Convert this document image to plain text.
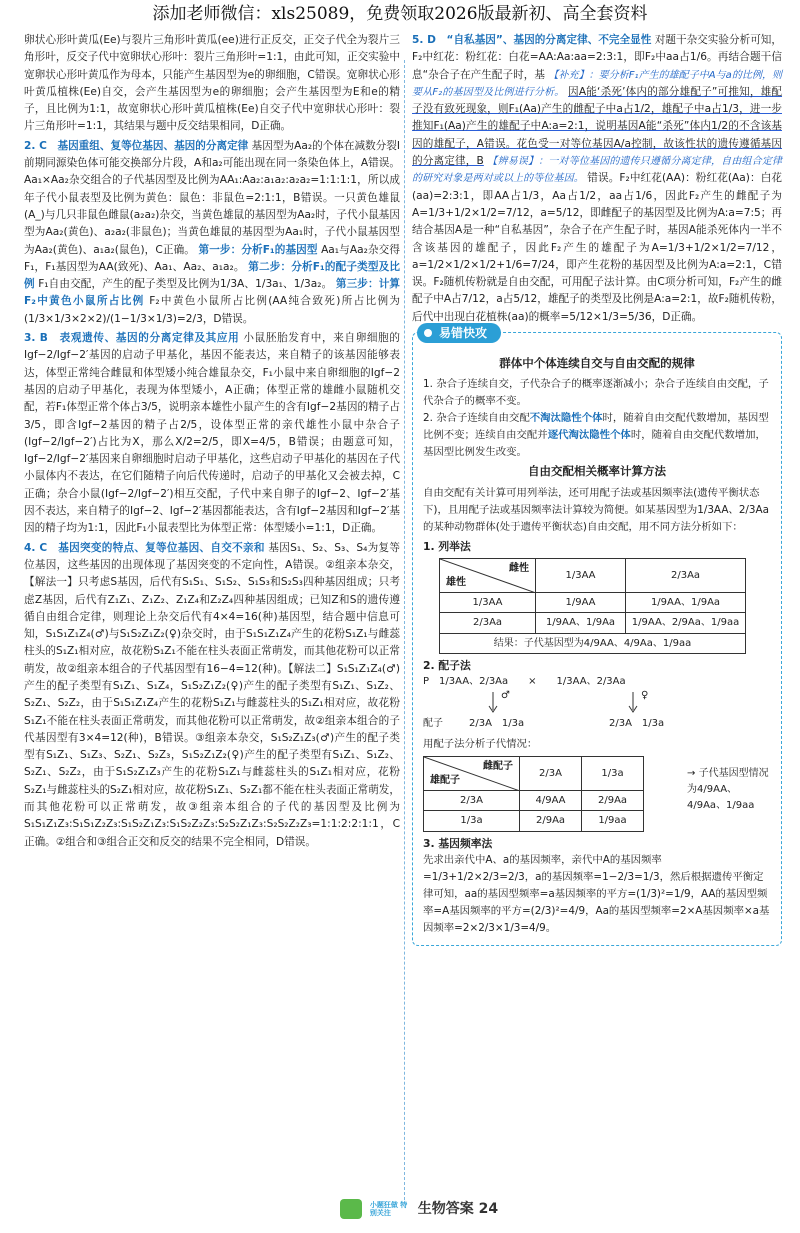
添加老师微信：xls25089，免费领取2026版最新初、高全套资料

卵状心形叶黄瓜(Ee)与裂片三角形叶黄瓜(ee)进行正反交，正交子代全为裂片三角形叶，反交子代中宽卵状心形叶：裂片三角形叶=1:1，由此可知，正交实验中宽卵状心形叶黄瓜作为母本，只能产生基因型为e的卵细胞，C错误。宽卵状心形叶黄瓜植株(Ee)自交，会产生基因型为e的卵细胞；会产生基因型为E和e的精子，且比例为1:1，故宽卵状心形叶黄瓜植株(Ee)自交子代中宽卵状心形叶：裂片三角形叶=1:1，其结果与题中反交结果相同，D正确。

2. C　基因重组、复等位基因、基因的分离定律 基因型为Aa₂的个体在减数分裂Ⅰ前期同源染色体可能交换部分片段，A和a₂可能出现在同一条染色体上，A错误。Aa₁×Aa₂杂交组合的子代基因型及比例为AA₁:Aa₂:a₁a₂:a₂a₂=1:1:1:1，所以成年子代小鼠表型及比例为黄色：鼠色：非鼠色=2:1:1，B错误。一只黄色雄鼠(A_)与几只非鼠色雌鼠(a₂a₂)杂交，当黄色雄鼠的基因型为Aa₂时，子代小鼠基因型为Aa₂(黄色)、a₂a₂(非鼠色)；当黄色雄鼠的基因型为Aa₁时，子代小鼠基因型为Aa₂(黄色)、a₁a₂(鼠色)，C正确。 第一步：分析F₁的基因型 Aa₁与Aa₂杂交得F₁，F₁基因型为AA(致死)、Aa₁、Aa₂、a₁a₂。 第二步：分析F₁的配子类型及比例 F₁自由交配，产生的配子类型及比例为1/3A、1/3a₁、1/3a₂。 第三步：计算F₂中黄色小鼠所占比例 F₂中黄色小鼠所占比例(AA纯合致死)所占比例为(1/3×1/3×2×2)/(1−1/3×1/3)=2/3，D错误。

3. B　表观遗传、基因的分离定律及其应用 小鼠胚胎发育中，来自卵细胞的Igf−2/Igf−2′基因的启动子甲基化，基因不能表达，来自精子的该基因能够表达，体型正常纯合雌鼠和体型矮小纯合雄鼠杂交，F₁小鼠中来自卵细胞的Igf−2基因的启动子甲基化，表现为体型矮小，A正确；体型正常的雄雌小鼠随机交配，若F₁体型正常个体占3/5，说明亲本雄性小鼠产生的含有Igf−2基因的精子占3/5，即含Igf−2基因的精子占2/5，设体型正常的亲代雄性小鼠中杂合子(Igf−2/Igf−2′)占比为X，那么X/2=2/5，即X=4/5，B错误；由题意可知，Igf−2/Igf−2′基因来自卵细胞时启动子甲基化，这些启动子甲基化的基因在子代小鼠体内不表达，在它们随精子向后代传递时，启动子的甲基化又会被去掉，C正确；杂合小鼠(Igf−2/Igf−2′)相互交配，子代中来自卵子的Igf−2、Igf−2′基因不表达，来自精子的Igf−2、Igf−2′基因都能表达，含有Igf−2基因和Igf−2′基因的精子均为1:1，因此F₁小鼠表型比为体型正常：体型矮小=1:1，D正确。

4. C　基因突变的特点、复等位基因、自交不亲和 基因S₁、S₂、S₃、S₄为复等位基因，这些基因的出现体现了基因突变的不定向性，A错误。②组亲本杂交，【解法一】只考虑S基因，后代有S₁S₁、S₁S₂、S₁S₃和S₂S₃四种基因组成；只考虑Z基因，后代有Z₁Z₁、Z₁Z₂、Z₁Z₄和Z₂Z₄四种基因组成；已知Z和S的遗传遵循自由组合定律，则理论上杂交后代有4×4=16(种)基因型，结合题中信息可知，S₁S₁Z₁Z₄(♂)与S₁S₂Z₁Z₂(♀)杂交时，由于S₁S₁Z₁Z₄产生的花粉S₁Z₁与雌蕊柱头的S₁Z₁相对应，故花粉S₁Z₁不能在柱头表面正常萌发，而其他花粉可以正常萌发，故②组亲本组合的子代基因型有16−4=12(种)。【解法二】S₁S₁Z₁Z₄(♂)产生的配子类型有S₁Z₁、S₁Z₄，S₁S₂Z₁Z₂(♀)产生的配子类型有S₁Z₁、S₁Z₂、S₂Z₁、S₂Z₂，由于S₁S₁Z₁Z₄产生的花粉S₁Z₁与雌蕊柱头的S₁Z₁相对应，故花粉S₁Z₁不能在柱头表面正常萌发，而其他花粉可以正常萌发，故②组亲本组合的子代基因型有3×4=12(种)，B错误。③组亲本杂交，S₁S₂Z₁Z₃(♂)产生的配子类型有S₁Z₁、S₁Z₃、S₂Z₁、S₂Z₃，S₁S₂Z₁Z₂(♀)产生的配子类型有S₁Z₁、S₁Z₂、S₂Z₁、S₂Z₂，由于S₁S₂Z₁Z₃产生的花粉S₁Z₁与雌蕊柱头的S₁Z₁相对应，花粉S₂Z₁与雌蕊柱头的S₂Z₁相对应，故花粉S₁Z₁、S₂Z₁都不能在柱头表面正常萌发，而其他花粉可以正常萌发，故③组亲本组合的子代的基因型及比例为S₁S₁Z₁Z₃:S₁S₁Z₂Z₃:S₁S₂Z₁Z₃:S₁S₂Z₂Z₃:S₂S₂Z₁Z₃:S₂S₂Z₂Z₃=1:1:2:2:1:1，C正确。②组合和③组合正交和反交的结果不完全相同，D错误。

5. D　“自私基因”、基因的分离定律、不完全显性 对题干杂交实验分析可知，F₂中红花：粉红花：白花=AA:Aa:aa=2:3:1，即F₂中aa占1/6。再结合题干信息“杂合子在产生配子时，基 【补充】：要分析F₁产生的雄配子中A与a的比例，则要从F₂的基因型及比例进行分析。 因A能‘杀死’体内的部分雄配子”可推知，雄配子没有致死现象，则F₁(Aa)产生的雌配子中a占1/2，雄配子中a占1/3，进一步推知F₁(Aa)产生的雄配子中A:a=2:1，说明基因A能“杀死”体内1/2的不含该基因的雄配子，A错误。花色受一对等位基因A/a控制，故该性状的遗传遵循基因的分离定律，B 【辨易误】：一对等位基因的遗传只遵循分离定律，自由组合定律的研究对象是两对或以上的等位基因。 错误。F₂中红花(AA)：粉红花(Aa)：白花(aa)=2:3:1，即AA占1/3，Aa占1/2，aa占1/6，因此F₂产生的雌配子为A=1/3+1/2×1/2=7/12，a=5/12，即雌配子的基因型及比例为A:a=7:5；再结合基因A是一种“自私基因”，杂合子在产生配子时，基因A能杀死体内一半不含该基因的雄配子，因此F₂产生的雄配子为A=1/3+1/2×1/2=7/12，a=1/2×1/2×1/2+1/6=7/24，即产生花粉的基因型及比例为A:a=2:1，C错误。F₂随机传粉就是自由交配，可用配子法计算。由C项分析可知，F₂产生的雌配子中A占7/12，a占5/12，雄配子的类型及比例是A:a=2:1，故F₂随机传粉，后代中出现白花植株(aa)的概率=5/12×1/3=5/36，D正确。

易错快攻
群体中个体连续自交与自由交配的规律

1. 杂合子连续自交，子代杂合子的概率逐渐减小；杂合子连续自由交配，子代杂合子的概率不变。

2. 杂合子连续自由交配不淘汰隐性个体时，随着自由交配代数增加，基因型比例不变；连续自由交配并逐代淘汰隐性个体时，随着自由交配代数增加，基因型比例发生改变。

自由交配相关概率计算方法

自由交配有关计算可用列举法，还可用配子法或基因频率法(遗传平衡状态下)，且用配子法或基因频率法计算较为简便。如某基因型为1/3AA、2/3Aa的某种动物群体(处于遗传平衡状态)自由交配，用不同方法分析如下：

1. 列举法
雌性
雄性	1/3AA	2/3Aa
1/3AA	1/9AA	1/9AA、1/9Aa
2/3Aa	1/9AA、1/9Aa	1/9AA、2/9Aa、1/9aa
结果：子代基因型为4/9AA、4/9Aa、1/9aa		
2. 配子法
P　1/3AA、2/3Aa　　×　　1/3AA、2/3Aa
♂	♀
配子	2/3A　1/3a	2/3A　1/3a

用配子法分析子代情况：

雌配子
雄配子	2/3A	1/3a
2/3A	4/9AA	2/9Aa
1/3a	2/9Aa	1/9aa
→ 子代基因型情况为4/9AA、4/9Aa、1/9aa
3. 基因频率法

先求出亲代中A、a的基因频率，亲代中A的基因频率=1/3+1/2×2/3=2/3，a的基因频率=1−2/3=1/3，然后根据遗传平衡定律可知，aa的基因型频率=a基因频率的平方=(1/3)²=1/9，AA的基因型频率=A基因频率的平方=(2/3)²=4/9，Aa的基因型频率=2×A基因频率×a基因频率=2×2/3×1/3=4/9。

小题狂做 特别关注 生物答案 24
